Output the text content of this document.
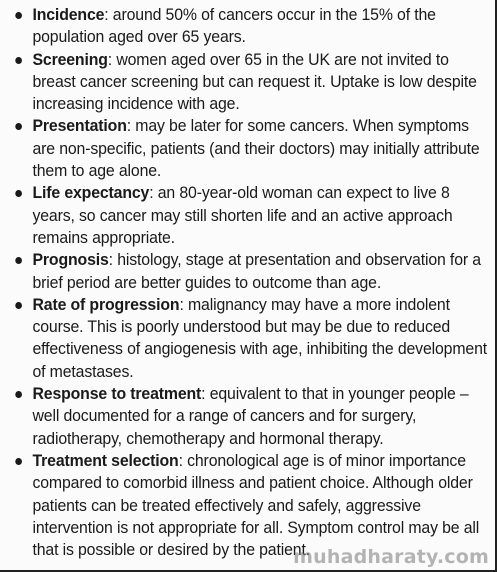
Incidence: around 50% of cancers occur in the 15% of the population aged over 65 years.
Screening: women aged over 65 in the UK are not invited to breast cancer screening but can request it. Uptake is low despite increasing incidence with age.
Presentation: may be later for some cancers. When symptoms are non-specific, patients (and their doctors) may initially attribute them to age alone.
Life expectancy: an 80-year-old woman can expect to live 8 years, so cancer may still shorten life and an active approach remains appropriate.
Prognosis: histology, stage at presentation and observation for a brief period are better guides to outcome than age.
Rate of progression: malignancy may have a more indolent course. This is poorly understood but may be due to reduced effectiveness of angiogenesis with age, inhibiting the development of metastases.
Response to treatment: equivalent to that in younger people – well documented for a range of cancers and for surgery, radiotherapy, chemotherapy and hormonal therapy.
Treatment selection: chronological age is of minor importance compared to comorbid illness and patient choice. Although older patients can be treated effectively and safely, aggressive intervention is not appropriate for all. Symptom control may be all that is possible or desired by the patient.
muhadharaty.com
